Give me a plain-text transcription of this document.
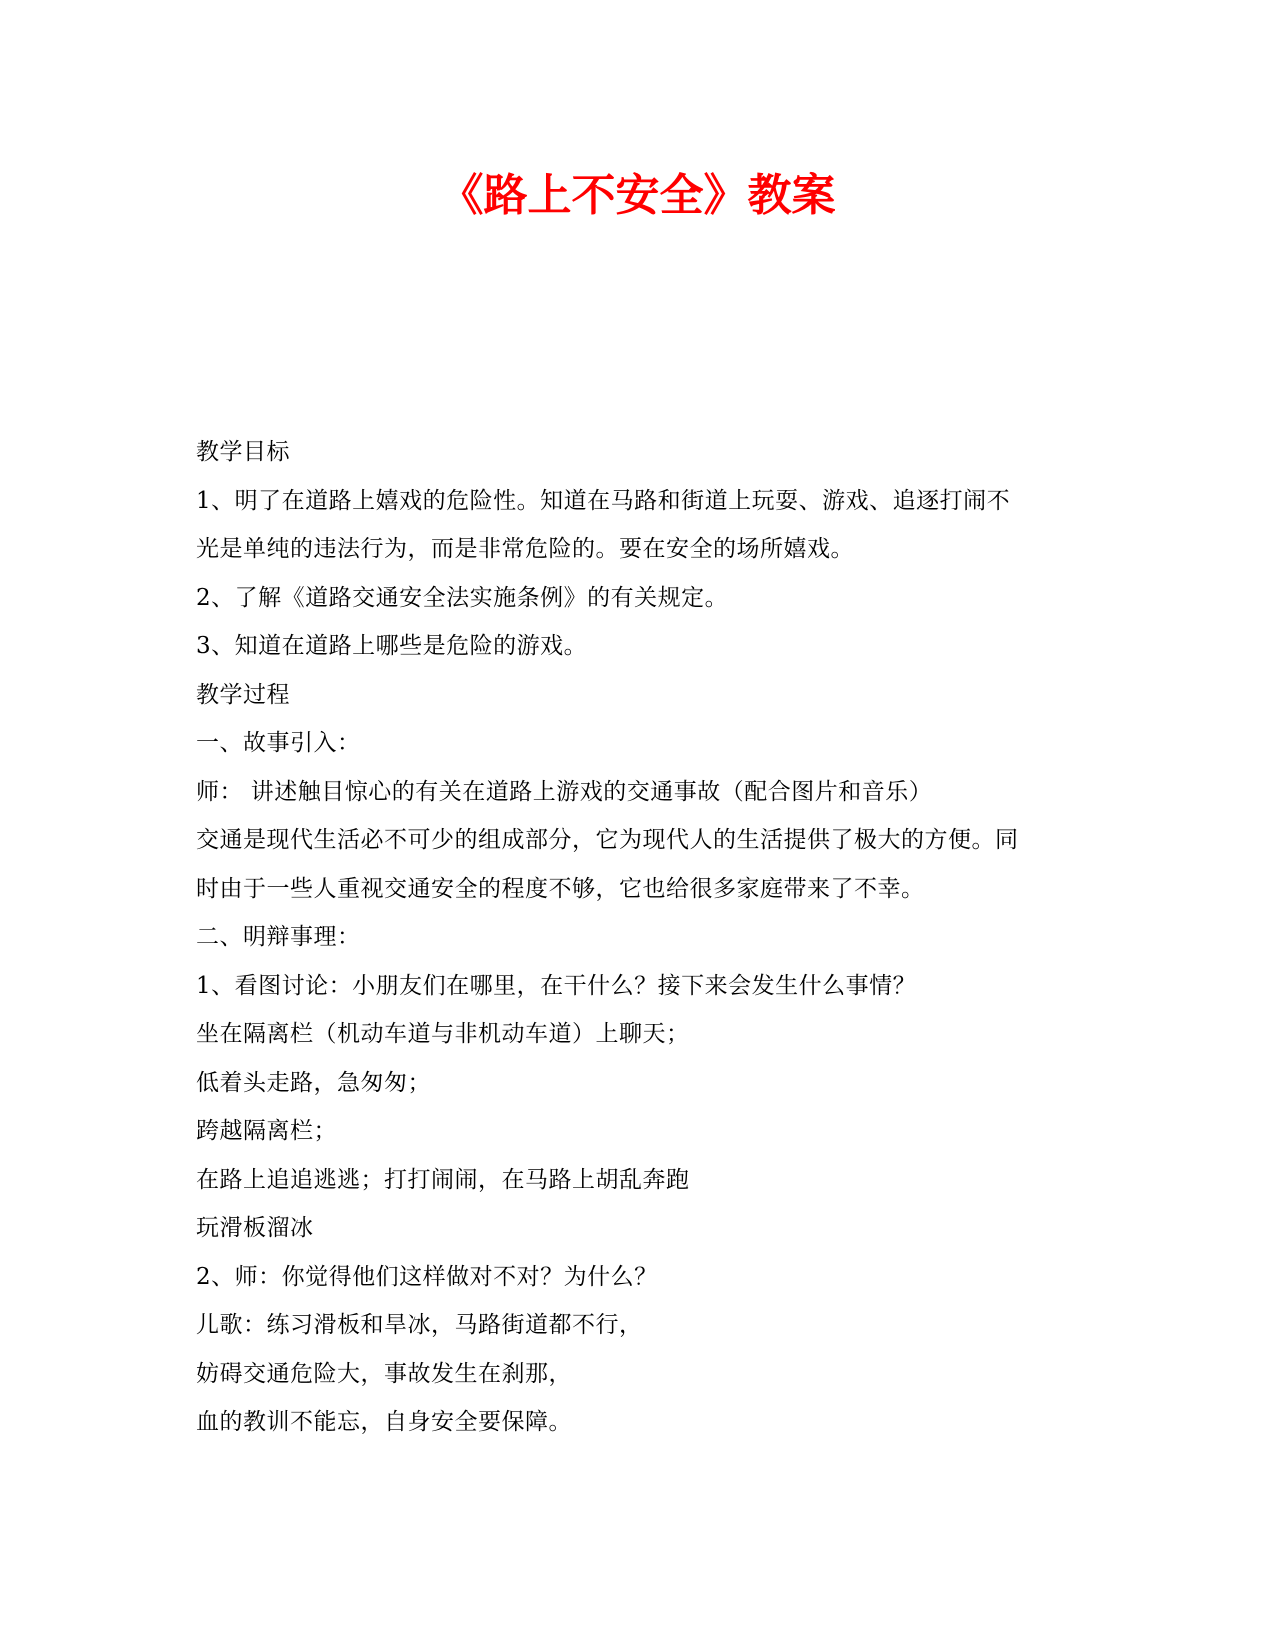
《路上不安全》教案
教学目标
1、明了在道路上嬉戏的危险性。知道在马路和街道上玩耍、游戏、追逐打闹不
光是单纯的违法行为，而是非常危险的。要在安全的场所嬉戏。
2、了解《道路交通安全法实施条例》的有关规定。
3、知道在道路上哪些是危险的游戏。
教学过程
一、故事引入：
师： 讲述触目惊心的有关在道路上游戏的交通事故（配合图片和音乐）
交通是现代生活必不可少的组成部分，它为现代人的生活提供了极大的方便。同
时由于一些人重视交通安全的程度不够，它也给很多家庭带来了不幸。
二、明辩事理：
1、看图讨论：小朋友们在哪里，在干什么？接下来会发生什么事情？
坐在隔离栏（机动车道与非机动车道）上聊天；
低着头走路，急匆匆；
跨越隔离栏；
在路上追追逃逃；打打闹闹，在马路上胡乱奔跑
玩滑板溜冰
2、师：你觉得他们这样做对不对？为什么？
儿歌：练习滑板和旱冰，马路街道都不行，
妨碍交通危险大，事故发生在刹那，
血的教训不能忘，自身安全要保障。
